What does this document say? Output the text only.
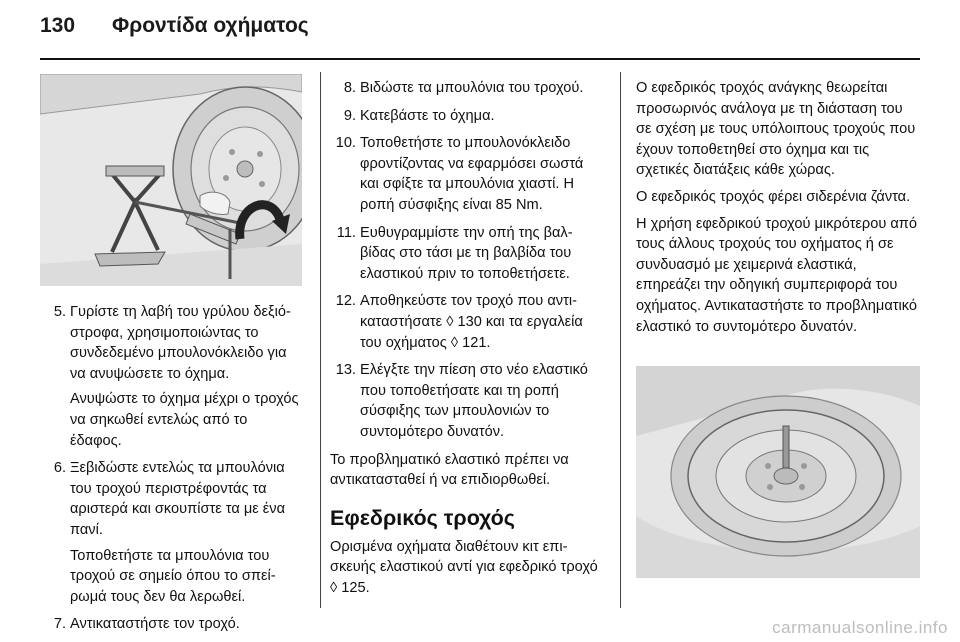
130 Φροντίδα οχήματος
5. Γυρίστε τη λαβή του γρύλου δεξιόστροφα, χρησιμοποιώντας το συνδεδεμένο μπουλονόκλειδο για να ανυψώσετε το όχημα.

Ανυψώστε το όχημα μέχρι ο τροχός να σηκωθεί εντελώς από το έδαφος.

6. Ξεβιδώστε εντελώς τα μπουλόνια του τροχού περιστρέφοντάς τα αριστερά και σκουπίστε τα με ένα πανί.

Τοποθετήστε τα μπουλόνια του τροχού σε σημείο όπου το σπείρωμά τους δεν θα λερωθεί.

7. Αντικαταστήστε τον τροχό.

8. Βιδώστε τα μπουλόνια του τροχού.

9. Κατεβάστε το όχημα.

10. Τοποθετήστε το μπουλονόκλειδο φροντίζοντας να εφαρμόσει σωστά και σφίξτε τα μπουλόνια χιαστί. Η ροπή σύσφιξης είναι 85 Nm.

11. Ευθυγραμμίστε την οπή της βαλβίδας στο τάσι με τη βαλβίδα του ελαστικού πριν το τοποθετήσετε.

12. Αποθηκεύστε τον τροχό που αντικαταστήσατε ◊ 130 και τα εργαλεία του οχήματος ◊ 121.

13. Ελέγξτε την πίεση στο νέο ελαστικό που τοποθετήσατε και τη ροπή σύσφιξης των μπουλονιών το συντομότερο δυνατόν.

Το προβληματικό ελαστικό πρέπει να αντικατασταθεί ή να επιδιορθωθεί.

Εφεδρικός τροχός

Ορισμένα οχήματα διαθέτουν κιτ επισκευής ελαστικού αντί για εφεδρικό τροχό ◊ 125.

Ο εφεδρικός τροχός ανάγκης θεωρείται προσωρινός ανάλογα με τη διάσταση του σε σχέση με τους υπόλοιπους τροχούς που έχουν τοποθετηθεί στο όχημα και τις σχετικές διατάξεις κάθε χώρας.

Ο εφεδρικός τροχός φέρει σιδερένια ζάντα.

Η χρήση εφεδρικού τροχού μικρότερου από τους άλλους τροχούς του οχήματος ή σε συνδυασμό με χειμερινά ελαστικά, επηρεάζει την οδηγική συμπεριφορά του οχήματος. Αντικαταστήστε το προβληματικό ελαστικό το συντομότερο δυνατόν.

carmanualsonline.info
